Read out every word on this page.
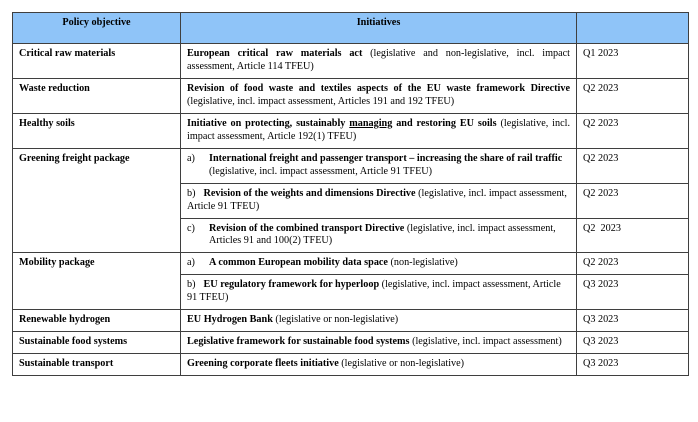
Policy objective	Initiatives	
Critical raw materials	European critical raw materials act (legislative and non-legislative, incl. impact assessment, Article 114 TFEU)	Q1 2023
Waste reduction	Revision of food waste and textiles aspects of the EU waste framework Directive (legislative, incl. impact assessment, Articles 191 and 192 TFEU)	Q2 2023
Healthy soils	Initiative on protecting, sustainably managing and restoring EU soils (legislative, incl. impact assessment, Article 192(1) TFEU)	Q2 2023
Greening freight package	a) International freight and passenger transport – increasing the share of rail traffic (legislative, incl. impact assessment, Article 91 TFEU)	Q2 2023
	b) Revision of the weights and dimensions Directive (legislative, incl. impact assessment, Article 91 TFEU)	Q2 2023

	c) Revision of the combined transport Directive (legislative, incl. impact assessment, Articles 91 and 100(2) TFEU)	Q2  2023
Mobility package	a) A common European mobility data space (non-legislative)	Q2 2023
	b) EU regulatory framework for hyperloop (legislative, incl. impact assessment, Article 91 TFEU)	Q3 2023
Renewable hydrogen	EU Hydrogen Bank (legislative or non-legislative)	Q3 2023
Sustainable food systems	Legislative framework for sustainable food systems (legislative, incl. impact assessment)	Q3 2023
Sustainable transport	Greening corporate fleets initiative (legislative or non-legislative)	Q3 2023
